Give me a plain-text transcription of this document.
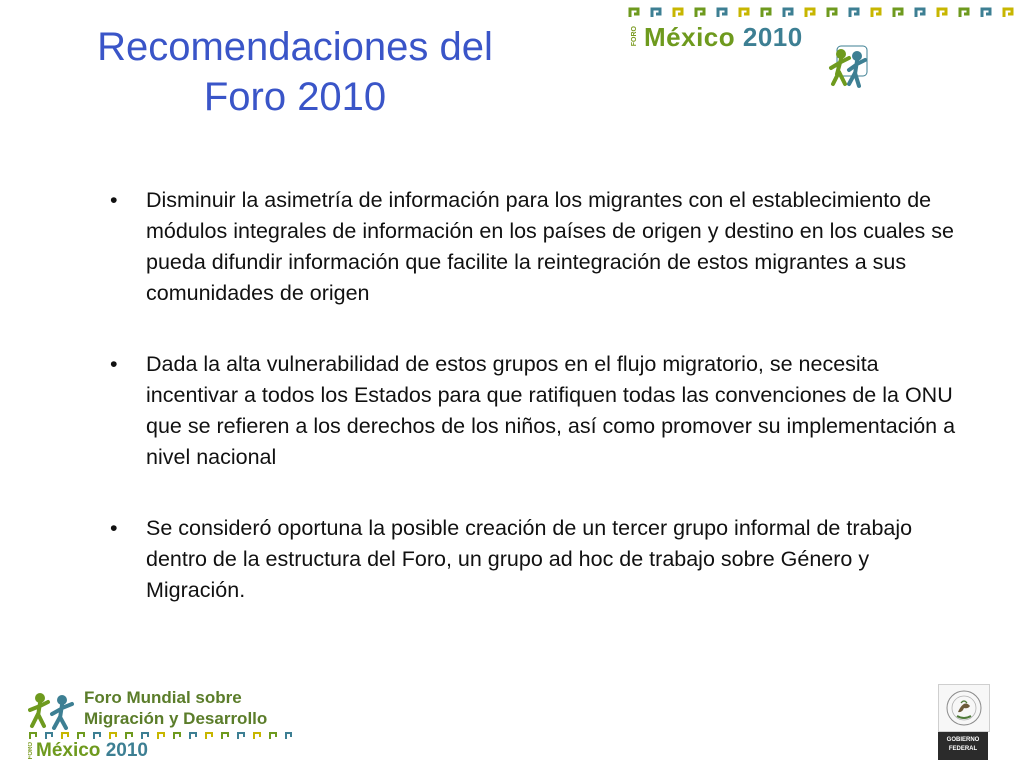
Recomendaciones del
Foro 2010
FORO México 2010
• Disminuir la asimetría de información para los migrantes con el establecimiento de módulos integrales de información en los países de origen y destino en los cuales se pueda difundir información que facilite la reintegración de estos migrantes a sus comunidades de origen
• Dada la alta vulnerabilidad de estos grupos en el flujo migratorio, se necesita incentivar a todos los Estados para que ratifiquen todas las convenciones de la ONU que se refieren a los derechos de los niños, así como promover su implementación a nivel nacional
• Se consideró oportuna la posible creación de un tercer grupo informal de trabajo dentro de la estructura del Foro, un grupo ad hoc de trabajo sobre Género y Migración.
Foro Mundial sobre
Migración y Desarrollo
FORO México 2010	GOBIERNO
FEDERAL
